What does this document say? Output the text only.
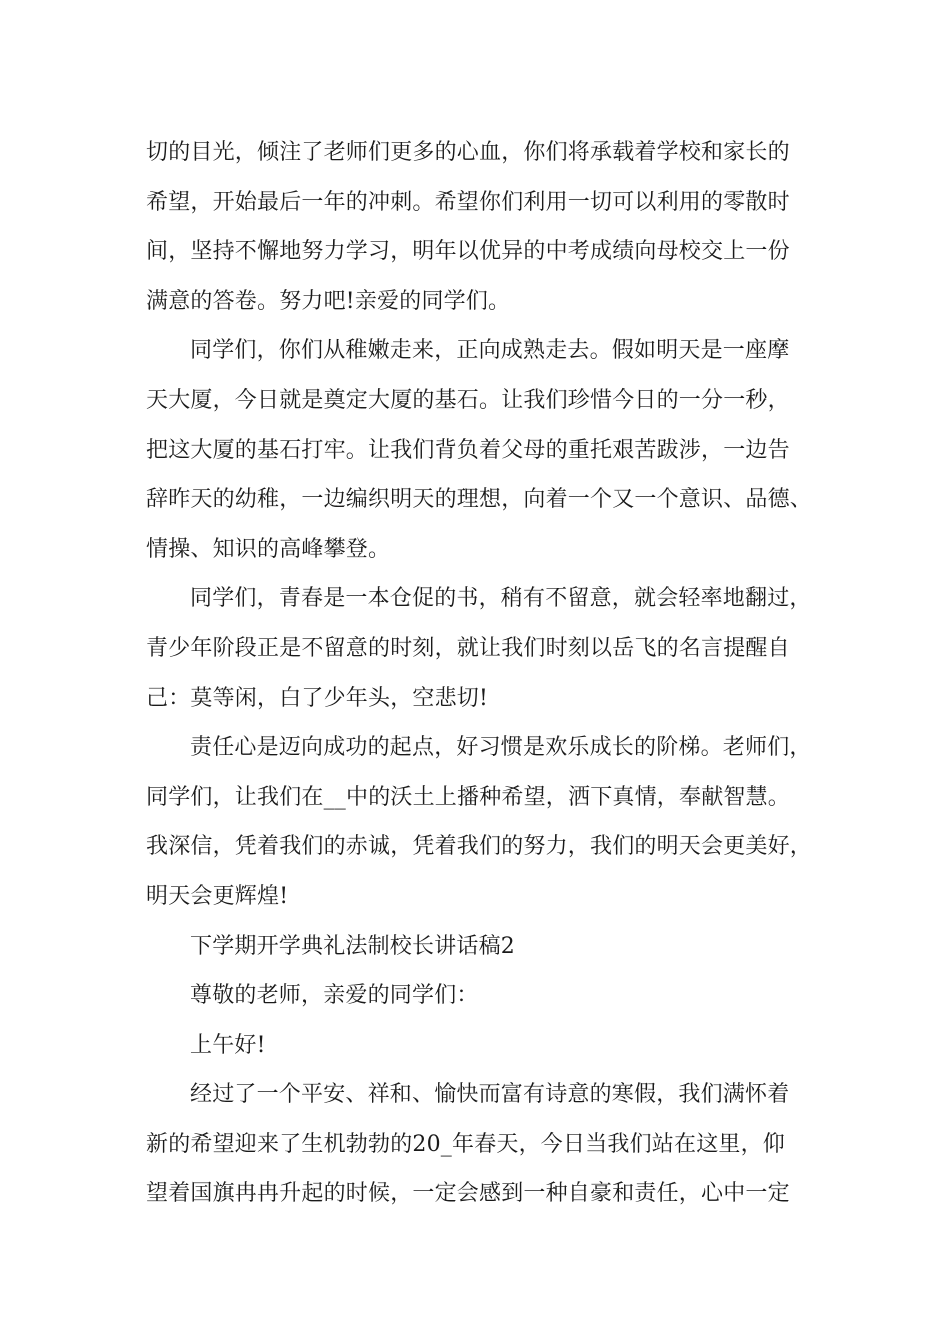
切的目光，倾注了老师们更多的心血，你们将承载着学校和家长的
希望，开始最后一年的冲刺。希望你们利用一切可以利用的零散时
间，坚持不懈地努力学习，明年以优异的中考成绩向母校交上一份
满意的答卷。努力吧!亲爱的同学们。
同学们，你们从稚嫩走来，正向成熟走去。假如明天是一座摩
天大厦，今日就是奠定大厦的基石。让我们珍惜今日的一分一秒，
把这大厦的基石打牢。让我们背负着父母的重托艰苦跋涉，一边告
辞昨天的幼稚，一边编织明天的理想，向着一个又一个意识、品德、
情操、知识的高峰攀登。
同学们，青春是一本仓促的书，稍有不留意，就会轻率地翻过，
青少年阶段正是不留意的时刻，就让我们时刻以岳飞的名言提醒自
己：莫等闲，白了少年头，空悲切!
责任心是迈向成功的起点，好习惯是欢乐成长的阶梯。老师们，
同学们，让我们在__中的沃土上播种希望，洒下真情，奉献智慧。
我深信，凭着我们的赤诚，凭着我们的努力，我们的明天会更美好，
明天会更辉煌!
下学期开学典礼法制校长讲话稿2
尊敬的老师，亲爱的同学们：
上午好!
经过了一个平安、祥和、愉快而富有诗意的寒假，我们满怀着
新的希望迎来了生机勃勃的20_年春天，今日当我们站在这里，仰
望着国旗冉冉升起的时候，一定会感到一种自豪和责任，心中一定
